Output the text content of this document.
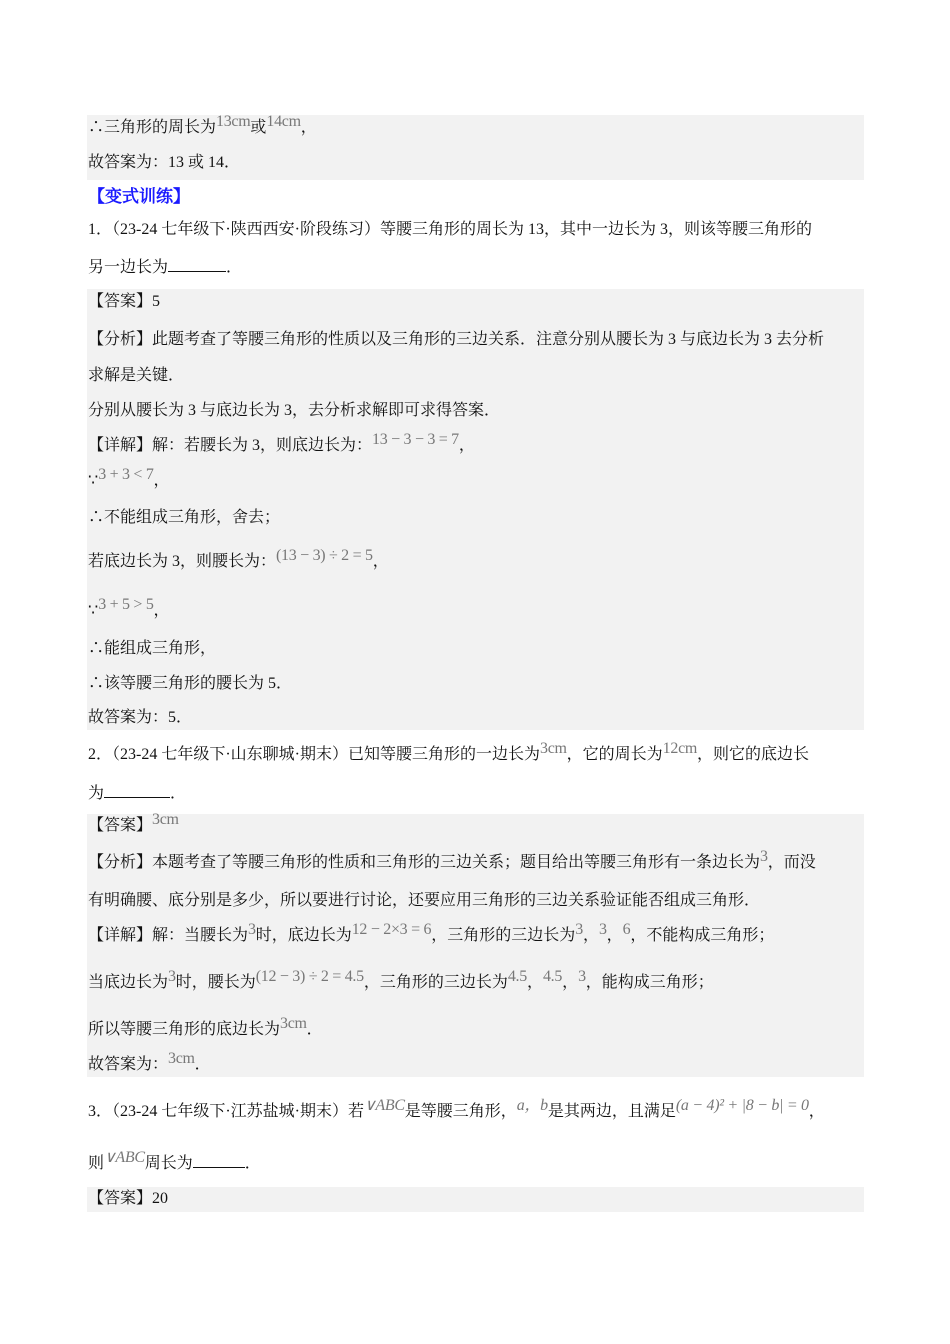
∴三角形的周长为13cm或14cm，
故答案为：13 或 14．
【变式训练】
1．（23-24 七年级下·陕西西安·阶段练习）等腰三角形的周长为 13，其中一边长为 3，则该等腰三角形的
另一边长为	．
【答案】5
【分析】此题考查了等腰三角形的性质以及三角形的三边关系．注意分别从腰长为 3 与底边长为 3 去分析
求解是关键．
分别从腰长为 3 与底边长为 3，去分析求解即可求得答案．
【详解】解：若腰长为 3，则底边长为：13 − 3 − 3 = 7，
∵3 + 3 < 7，
∴不能组成三角形，舍去；
若底边长为 3，则腰长为：(13 − 3) ÷ 2 = 5，
∵3 + 5 > 5，
∴能组成三角形，
∴该等腰三角形的腰长为 5．
故答案为：5．
2．（23-24 七年级下·山东聊城·期末）已知等腰三角形的一边长为3cm，它的周长为12cm，则它的底边长
为	．
【答案】3cm
【分析】本题考查了等腰三角形的性质和三角形的三边关系；题目给出等腰三角形有一条边长为3，而没
有明确腰、底分别是多少，所以要进行讨论，还要应用三角形的三边关系验证能否组成三角形．
【详解】解：当腰长为3时，底边长为12 − 2×3 = 6，三角形的三边长为3，3，6，不能构成三角形；
当底边长为3时，腰长为(12 − 3) ÷ 2 = 4.5，三角形的三边长为4.5，4.5，3，能构成三角形；
所以等腰三角形的底边长为3cm．
故答案为：3cm．
3．（23-24 七年级下·江苏盐城·期末）若∨ABC是等腰三角形，a，b是其两边，且满足(a − 4)² + |8 − b| = 0，
则∨ABC周长为	．
【答案】20
